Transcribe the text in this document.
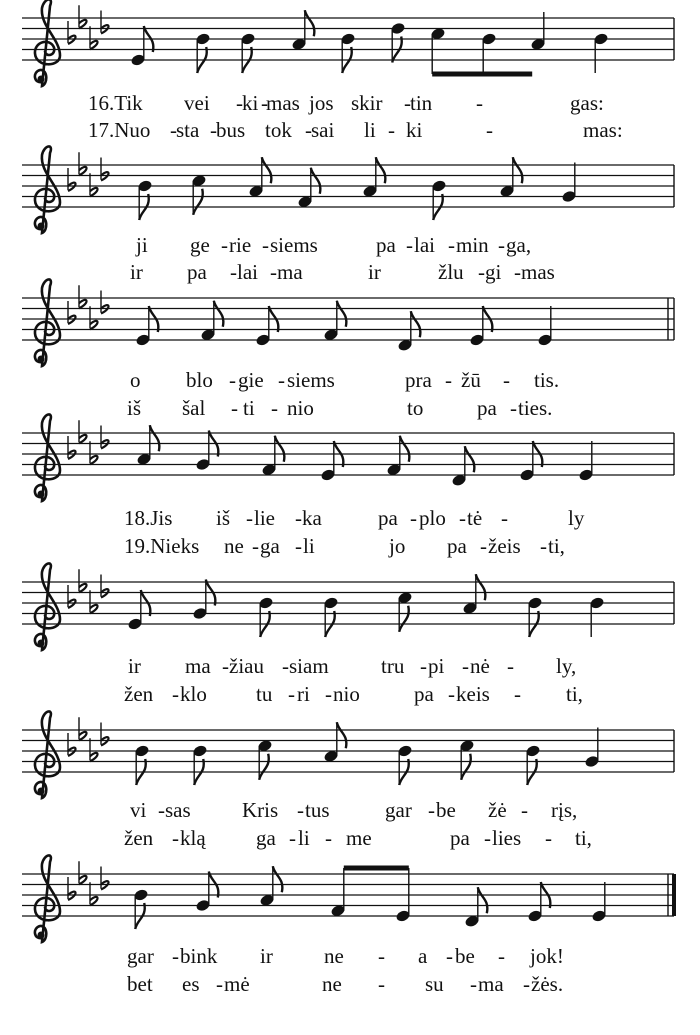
16.Tik vei - ki -
mas jos skir - tin -	gas:
17.Nuo - sta - bus tok - sai li - ki	-	mas:
ji ge - rie - siems	pa - lai - min - ga,
ir pa - lai - ma	ir	žlu - gi - mas
o blo - gie - siems	pra - žū - tis.
iš šal - ti - nio	to	pa - ties.
18.Jis iš - lie - ka	pa - plo - tė -	ly
19.Nieks ne - ga - li	jo pa - žeis - ti,
ir ma - žiau - siam tru - pi - nė - ly,
žen - klo tu - ri - nio	pa - keis - ti,
vi - sas Kris - tus	gar - be žė - rįs,
žen - klą ga - li - me	pa - lies - ti,
gar - bink ir ne - a - be - jok!
bet es - mė	ne - su - ma - žės.
